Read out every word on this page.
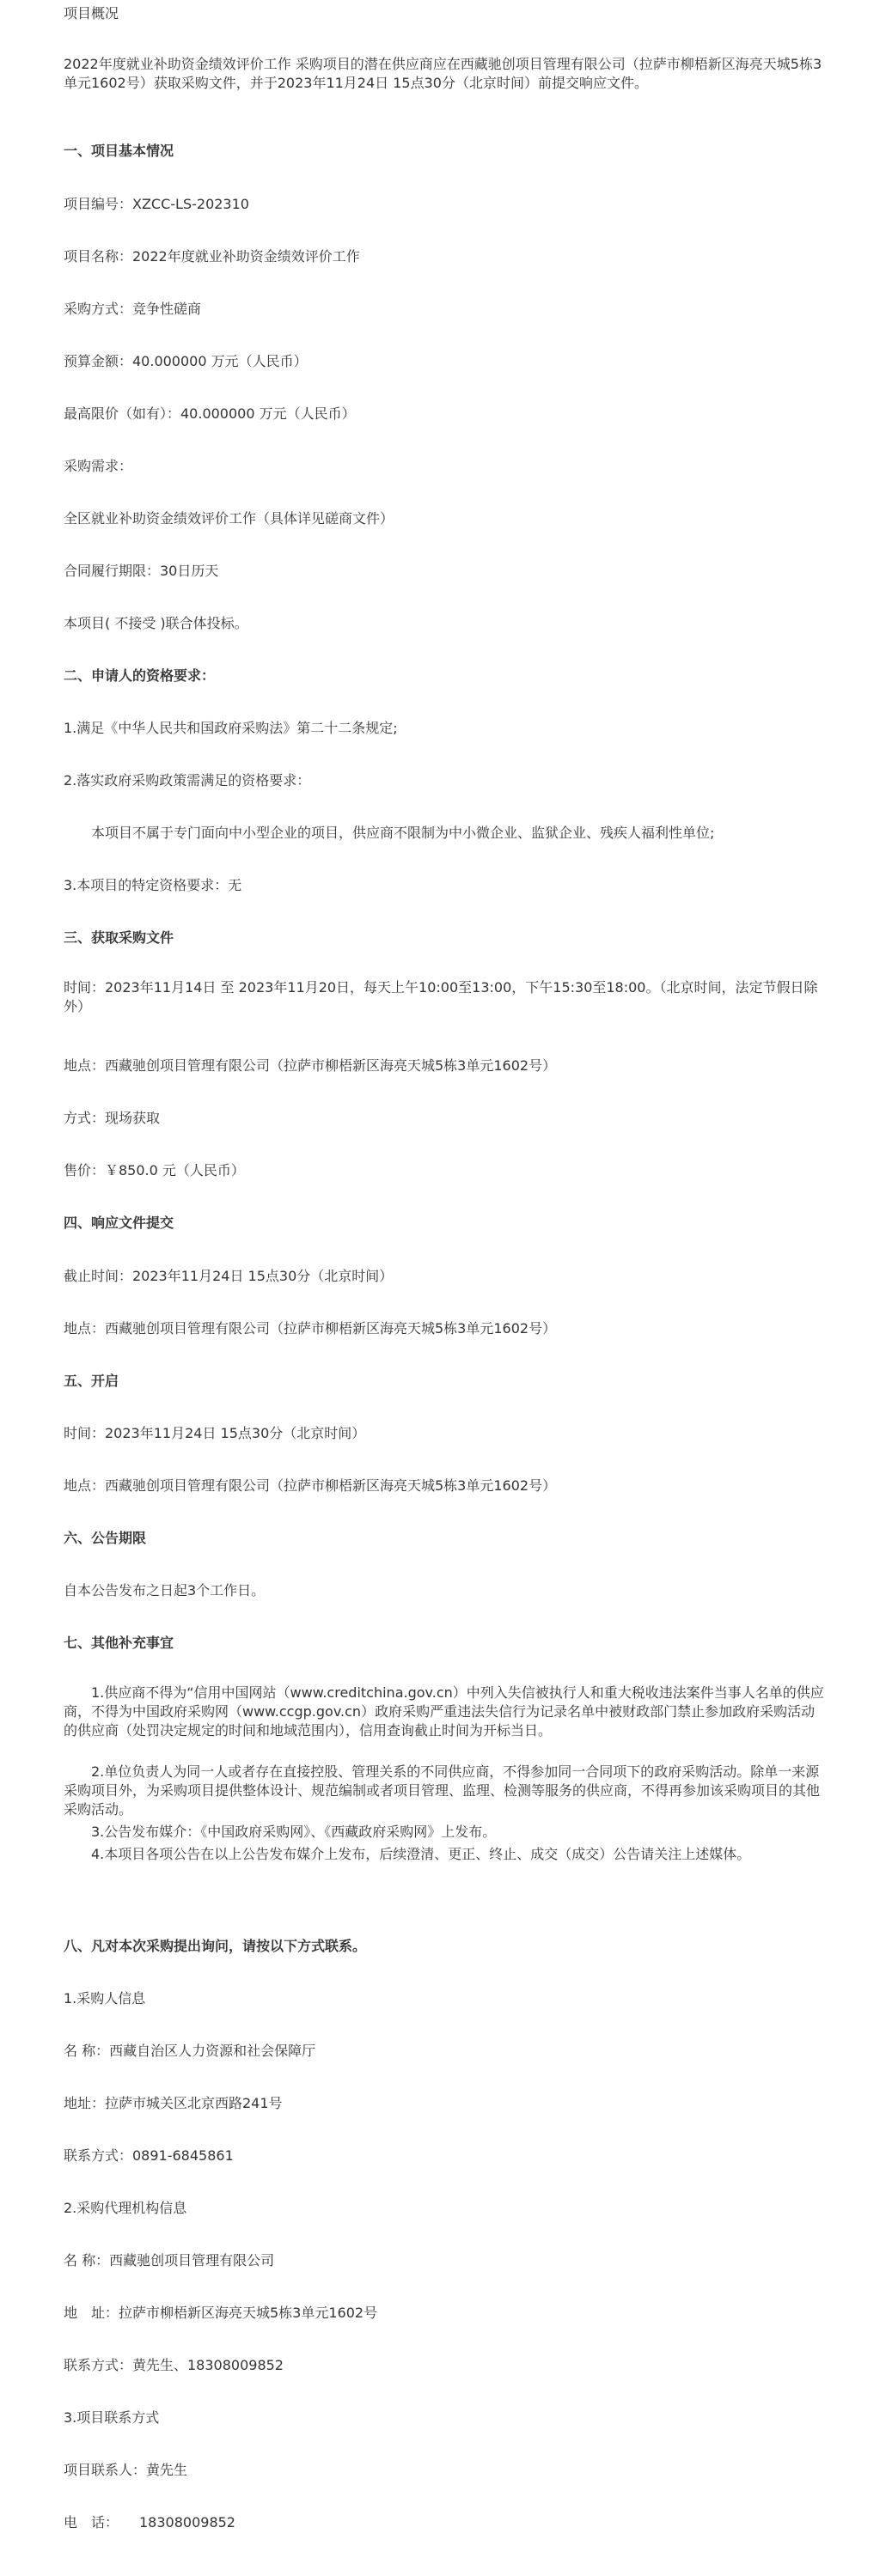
项目概况

2022年度就业补助资金绩效评价工作 采购项目的潜在供应商应在西藏驰创项目管理有限公司（拉萨市柳梧新区海亮天城5栋3单元1602号）获取采购文件，并于2023年11月24日 15点30分（北京时间）前提交响应文件。

一、项目基本情况

项目编号：XZCC-LS-202310

项目名称：2022年度就业补助资金绩效评价工作

采购方式：竞争性磋商

预算金额：40.000000 万元（人民币）

最高限价（如有）：40.000000 万元（人民币）

采购需求：

全区就业补助资金绩效评价工作（具体详见磋商文件）

合同履行期限：30日历天

本项目( 不接受 )联合体投标。

二、申请人的资格要求：

1.满足《中华人民共和国政府采购法》第二十二条规定;

2.落实政府采购政策需满足的资格要求：

本项目不属于专门面向中小型企业的项目，供应商不限制为中小微企业、监狱企业、残疾人福利性单位;

3.本项目的特定资格要求：无

三、获取采购文件

时间：2023年11月14日 至 2023年11月20日，每天上午10:00至13:00，下午15:30至18:00。（北京时间，法定节假日除外）

地点：西藏驰创项目管理有限公司（拉萨市柳梧新区海亮天城5栋3单元1602号）

方式：现场获取

售价：￥850.0 元（人民币）

四、响应文件提交

截止时间：2023年11月24日 15点30分（北京时间）

地点：西藏驰创项目管理有限公司（拉萨市柳梧新区海亮天城5栋3单元1602号）

五、开启

时间：2023年11月24日 15点30分（北京时间）

地点：西藏驰创项目管理有限公司（拉萨市柳梧新区海亮天城5栋3单元1602号）

六、公告期限

自本公告发布之日起3个工作日。

七、其他补充事宜

1.供应商不得为“信用中国网站（www.creditchina.gov.cn）中列入失信被执行人和重大税收违法案件当事人名单的供应商，不得为中国政府采购网（www.ccgp.gov.cn）政府采购严重违法失信行为记录名单中被财政部门禁止参加政府采购活动的供应商（处罚决定规定的时间和地域范围内），信用查询截止时间为开标当日。

2.单位负责人为同一人或者存在直接控股、管理关系的不同供应商，不得参加同一合同项下的政府采购活动。除单一来源采购项目外，为采购项目提供整体设计、规范编制或者项目管理、监理、检测等服务的供应商，不得再参加该采购项目的其他采购活动。

3.公告发布媒介：《中国政府采购网》、《西藏政府采购网》上发布。

4.本项目各项公告在以上公告发布媒介上发布，后续澄清、更正、终止、成交（成交）公告请关注上述媒体。

八、凡对本次采购提出询问，请按以下方式联系。

1.采购人信息

名 称：西藏自治区人力资源和社会保障厅

地址：拉萨市城关区北京西路241号

联系方式：0891-6845861

2.采购代理机构信息

名 称：西藏驰创项目管理有限公司

地　址：拉萨市柳梧新区海亮天城5栋3单元1602号

联系方式：黄先生、18308009852

3.项目联系方式

项目联系人：黄先生

电　话：　　18308009852
